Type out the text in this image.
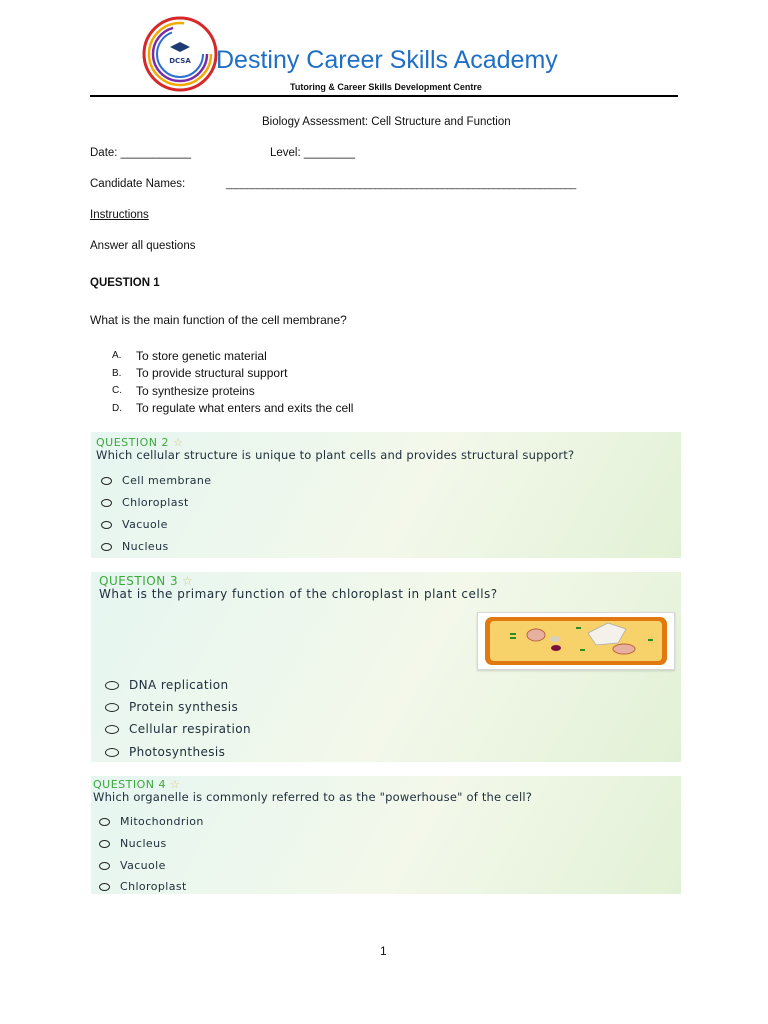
DCSA Destiny Career Skills Academy
Tutoring & Career Skills Development Centre
Biology Assessment: Cell Structure and Function
Date: ___________	Level: ________
Candidate Names:	____________________________________________________________________
Instructions
Answer all questions
QUESTION 1
What is the main function of the cell membrane?
A.	To store genetic material
B.	To provide structural support
C.	To synthesize proteins
D.	To regulate what enters and exits the cell
QUESTION 2 ☆
Which cellular structure is unique to plant cells and provides structural support?
Cell membrane
Chloroplast
Vacuole
Nucleus
QUESTION 3 ☆
What is the primary function of the chloroplast in plant cells?
DNA replication
Protein synthesis
Cellular respiration
Photosynthesis
QUESTION 4 ☆
Which organelle is commonly referred to as the "powerhouse" of the cell?
Mitochondrion
Nucleus
Vacuole
Chloroplast
1
